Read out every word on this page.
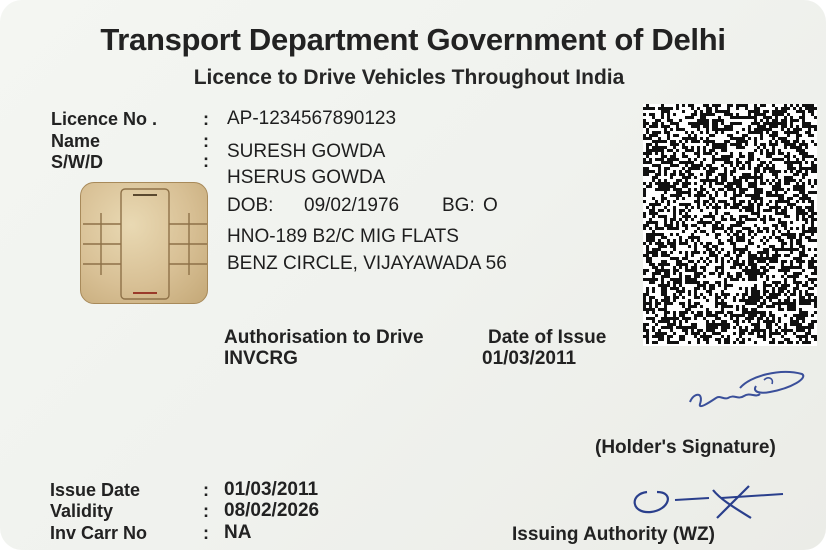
Transport Department Government of Delhi
Licence to Drive Vehicles Throughout India
Licence No .
Name
S/W/D
:
:
:
AP-1234567890123
SURESH GOWDA
HSERUS GOWDA
DOB: 09/02/1976 BG: O
HNO-189 B2/C MIG FLATS
BENZ CIRCLE, VIJAYAWADA 56
Authorisation to Drive
INVCRG
Date of Issue
01/03/2011
(Holder's Signature)
Issuing Authority (WZ)
Issue Date
Validity
Inv Carr No
:
:
:
01/03/2011
08/02/2026
NA
